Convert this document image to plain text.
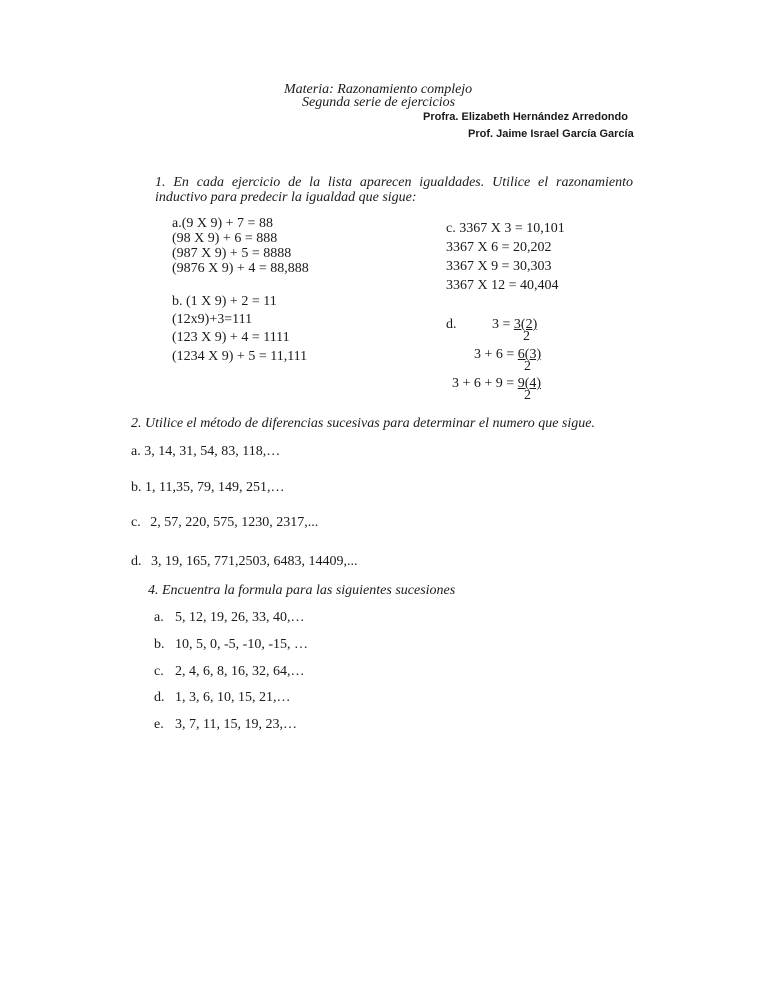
Materia: Razonamiento complejo
Segunda serie de ejercicios
Profra. Elizabeth Hernández Arredondo
Prof. Jaime Israel García García
1. En cada ejercicio de la lista aparecen igualdades. Utilice el razonamiento inductivo para predecir la igualdad que sigue:
a.(9 X 9) + 7 = 88
(98 X 9) + 6 = 888
(987 X 9) + 5 = 8888
(9876 X 9) + 4 = 88,888
b. (1 X 9) + 2 = 11
(12x9)+3=111
(123 X 9) + 4 = 1111
(1234 X 9) + 5 = 11,111
c. 3367 X 3 = 10,101
3367 X 6 = 20,202
3367 X 9 = 30,303
3367 X 12 = 40,404
d.	3 = 3(2)
2
3 + 6 = 6(3)
2
3 + 6 + 9 = 9(4)
2
2. Utilice el método de diferencias sucesivas para determinar el numero que sigue.
a. 3, 14, 31, 54, 83, 118,…
b. 1, 11,35, 79, 149, 251,…
c. 2, 57, 220, 575, 1230, 2317,...
d. 3, 19, 165, 771,2503, 6483, 14409,...
4. Encuentra la formula para las siguientes sucesiones
a. 5, 12, 19, 26, 33, 40,…
b. 10, 5, 0, -5, -10, -15, …
c. 2, 4, 6, 8, 16, 32, 64,…
d. 1, 3, 6, 10, 15, 21,…
e. 3, 7, 11, 15, 19, 23,…
